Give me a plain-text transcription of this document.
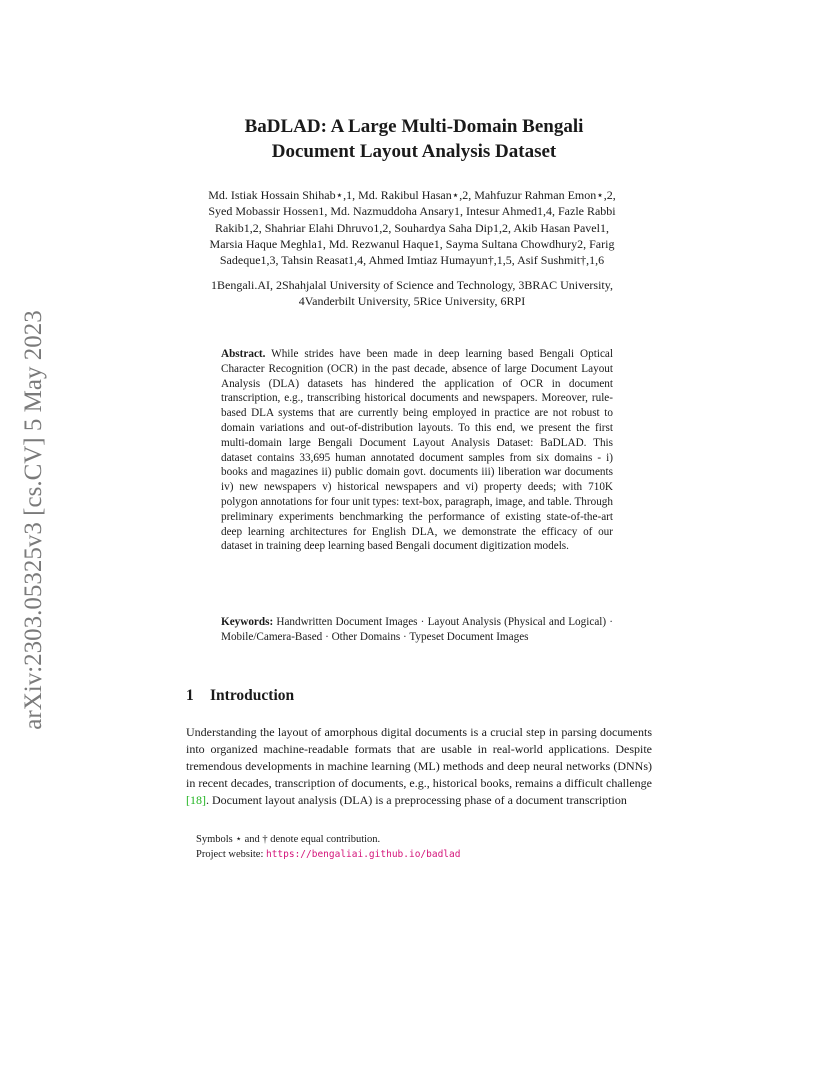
arXiv:2303.05325v3 [cs.CV] 5 May 2023
BaDLAD: A Large Multi-Domain Bengali
Document Layout Analysis Dataset
Md. Istiak Hossain Shihab⋆,1, Md. Rakibul Hasan⋆,2, Mahfuzur Rahman Emon⋆,2,
Syed Mobassir Hossen1, Md. Nazmuddoha Ansary1, Intesur Ahmed1,4, Fazle Rabbi
Rakib1,2, Shahriar Elahi Dhruvo1,2, Souhardya Saha Dip1,2, Akib Hasan Pavel1,
Marsia Haque Meghla1, Md. Rezwanul Haque1, Sayma Sultana Chowdhury2, Farig
Sadeque1,3, Tahsin Reasat1,4, Ahmed Imtiaz Humayun†,1,5, Asif Sushmit†,1,6
1Bengali.AI, 2Shahjalal University of Science and Technology, 3BRAC University,
4Vanderbilt University, 5Rice University, 6RPI
Abstract. While strides have been made in deep learning based Bengali Optical Character Recognition (OCR) in the past decade, absence of large Document Layout Analysis (DLA) datasets has hindered the application of OCR in document transcription, e.g., transcribing historical documents and newspapers. Moreover, rule-based DLA systems that are currently being employed in practice are not robust to domain variations and out-of-distribution layouts. To this end, we present the first multi-domain large Bengali Document Layout Analysis Dataset: BaDLAD. This dataset contains 33,695 human annotated document samples from six domains - i) books and magazines ii) public domain govt. documents iii) liberation war documents iv) new newspapers v) historical newspapers and vi) property deeds; with 710K polygon annotations for four unit types: text-box, paragraph, image, and table. Through preliminary experiments benchmarking the performance of existing state-of-the-art deep learning architectures for English DLA, we demonstrate the efficacy of our dataset in training deep learning based Bengali document digitization models.
Keywords: Handwritten Document Images · Layout Analysis (Physical and Logical) · Mobile/Camera-Based · Other Domains · Typeset Document Images
1 Introduction
Understanding the layout of amorphous digital documents is a crucial step in parsing documents into organized machine-readable formats that are usable in real-world applications. Despite tremendous developments in machine learning (ML) methods and deep neural networks (DNNs) in recent decades, transcription of documents, e.g., historical books, remains a difficult challenge [18]. Document layout analysis (DLA) is a preprocessing phase of a document transcription
Symbols ⋆ and † denote equal contribution.
Project website: https://bengaliai.github.io/badlad
